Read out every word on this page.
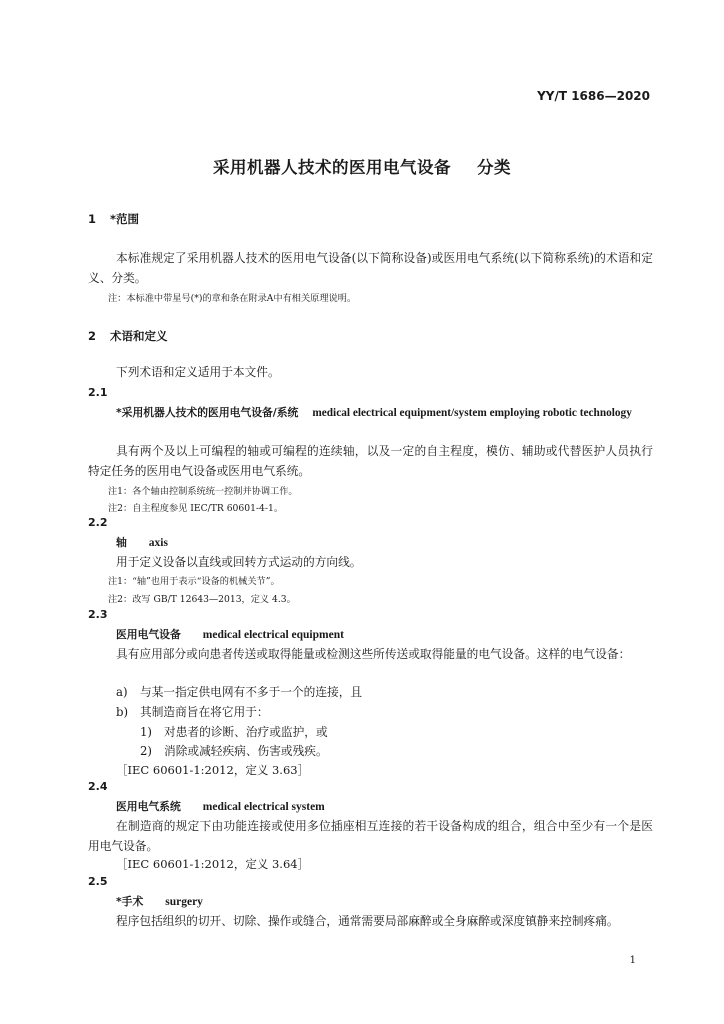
YY/T 1686—2020
采用机器人技术的医用电气设备 分类
1 *范围
本标准规定了采用机器人技术的医用电气设备(以下简称设备)或医用电气系统(以下简称系统)的术语和定义、分类。
注：本标准中带星号(*)的章和条在附录A中有相关原理说明。
2 术语和定义
下列术语和定义适用于本文件。
2.1
*采用机器人技术的医用电气设备/系统 medical electrical equipment/system employing robotic technology
具有两个及以上可编程的轴或可编程的连续轴，以及一定的自主程度，模仿、辅助或代替医护人员执行特定任务的医用电气设备或医用电气系统。
注1：各个轴由控制系统统一控制并协调工作。
注2：自主程度参见 IEC/TR 60601-4-1。
2.2
轴 axis
用于定义设备以直线或回转方式运动的方向线。
注1：“轴”也用于表示“设备的机械关节”。
注2：改写 GB/T 12643—2013，定义 4.3。
2.3
医用电气设备 medical electrical equipment
具有应用部分或向患者传送或取得能量或检测这些所传送或取得能量的电气设备。这样的电气设备：
a) 与某一指定供电网有不多于一个的连接，且
b) 其制造商旨在将它用于：
1) 对患者的诊断、治疗或监护，或
2) 消除或减轻疾病、伤害或残疾。
［IEC 60601-1:2012，定义 3.63］
2.4
医用电气系统 medical electrical system
在制造商的规定下由功能连接或使用多位插座相互连接的若干设备构成的组合，组合中至少有一个是医用电气设备。
［IEC 60601-1:2012，定义 3.64］
2.5
*手术 surgery
程序包括组织的切开、切除、操作或缝合，通常需要局部麻醉或全身麻醉或深度镇静来控制疼痛。
1
